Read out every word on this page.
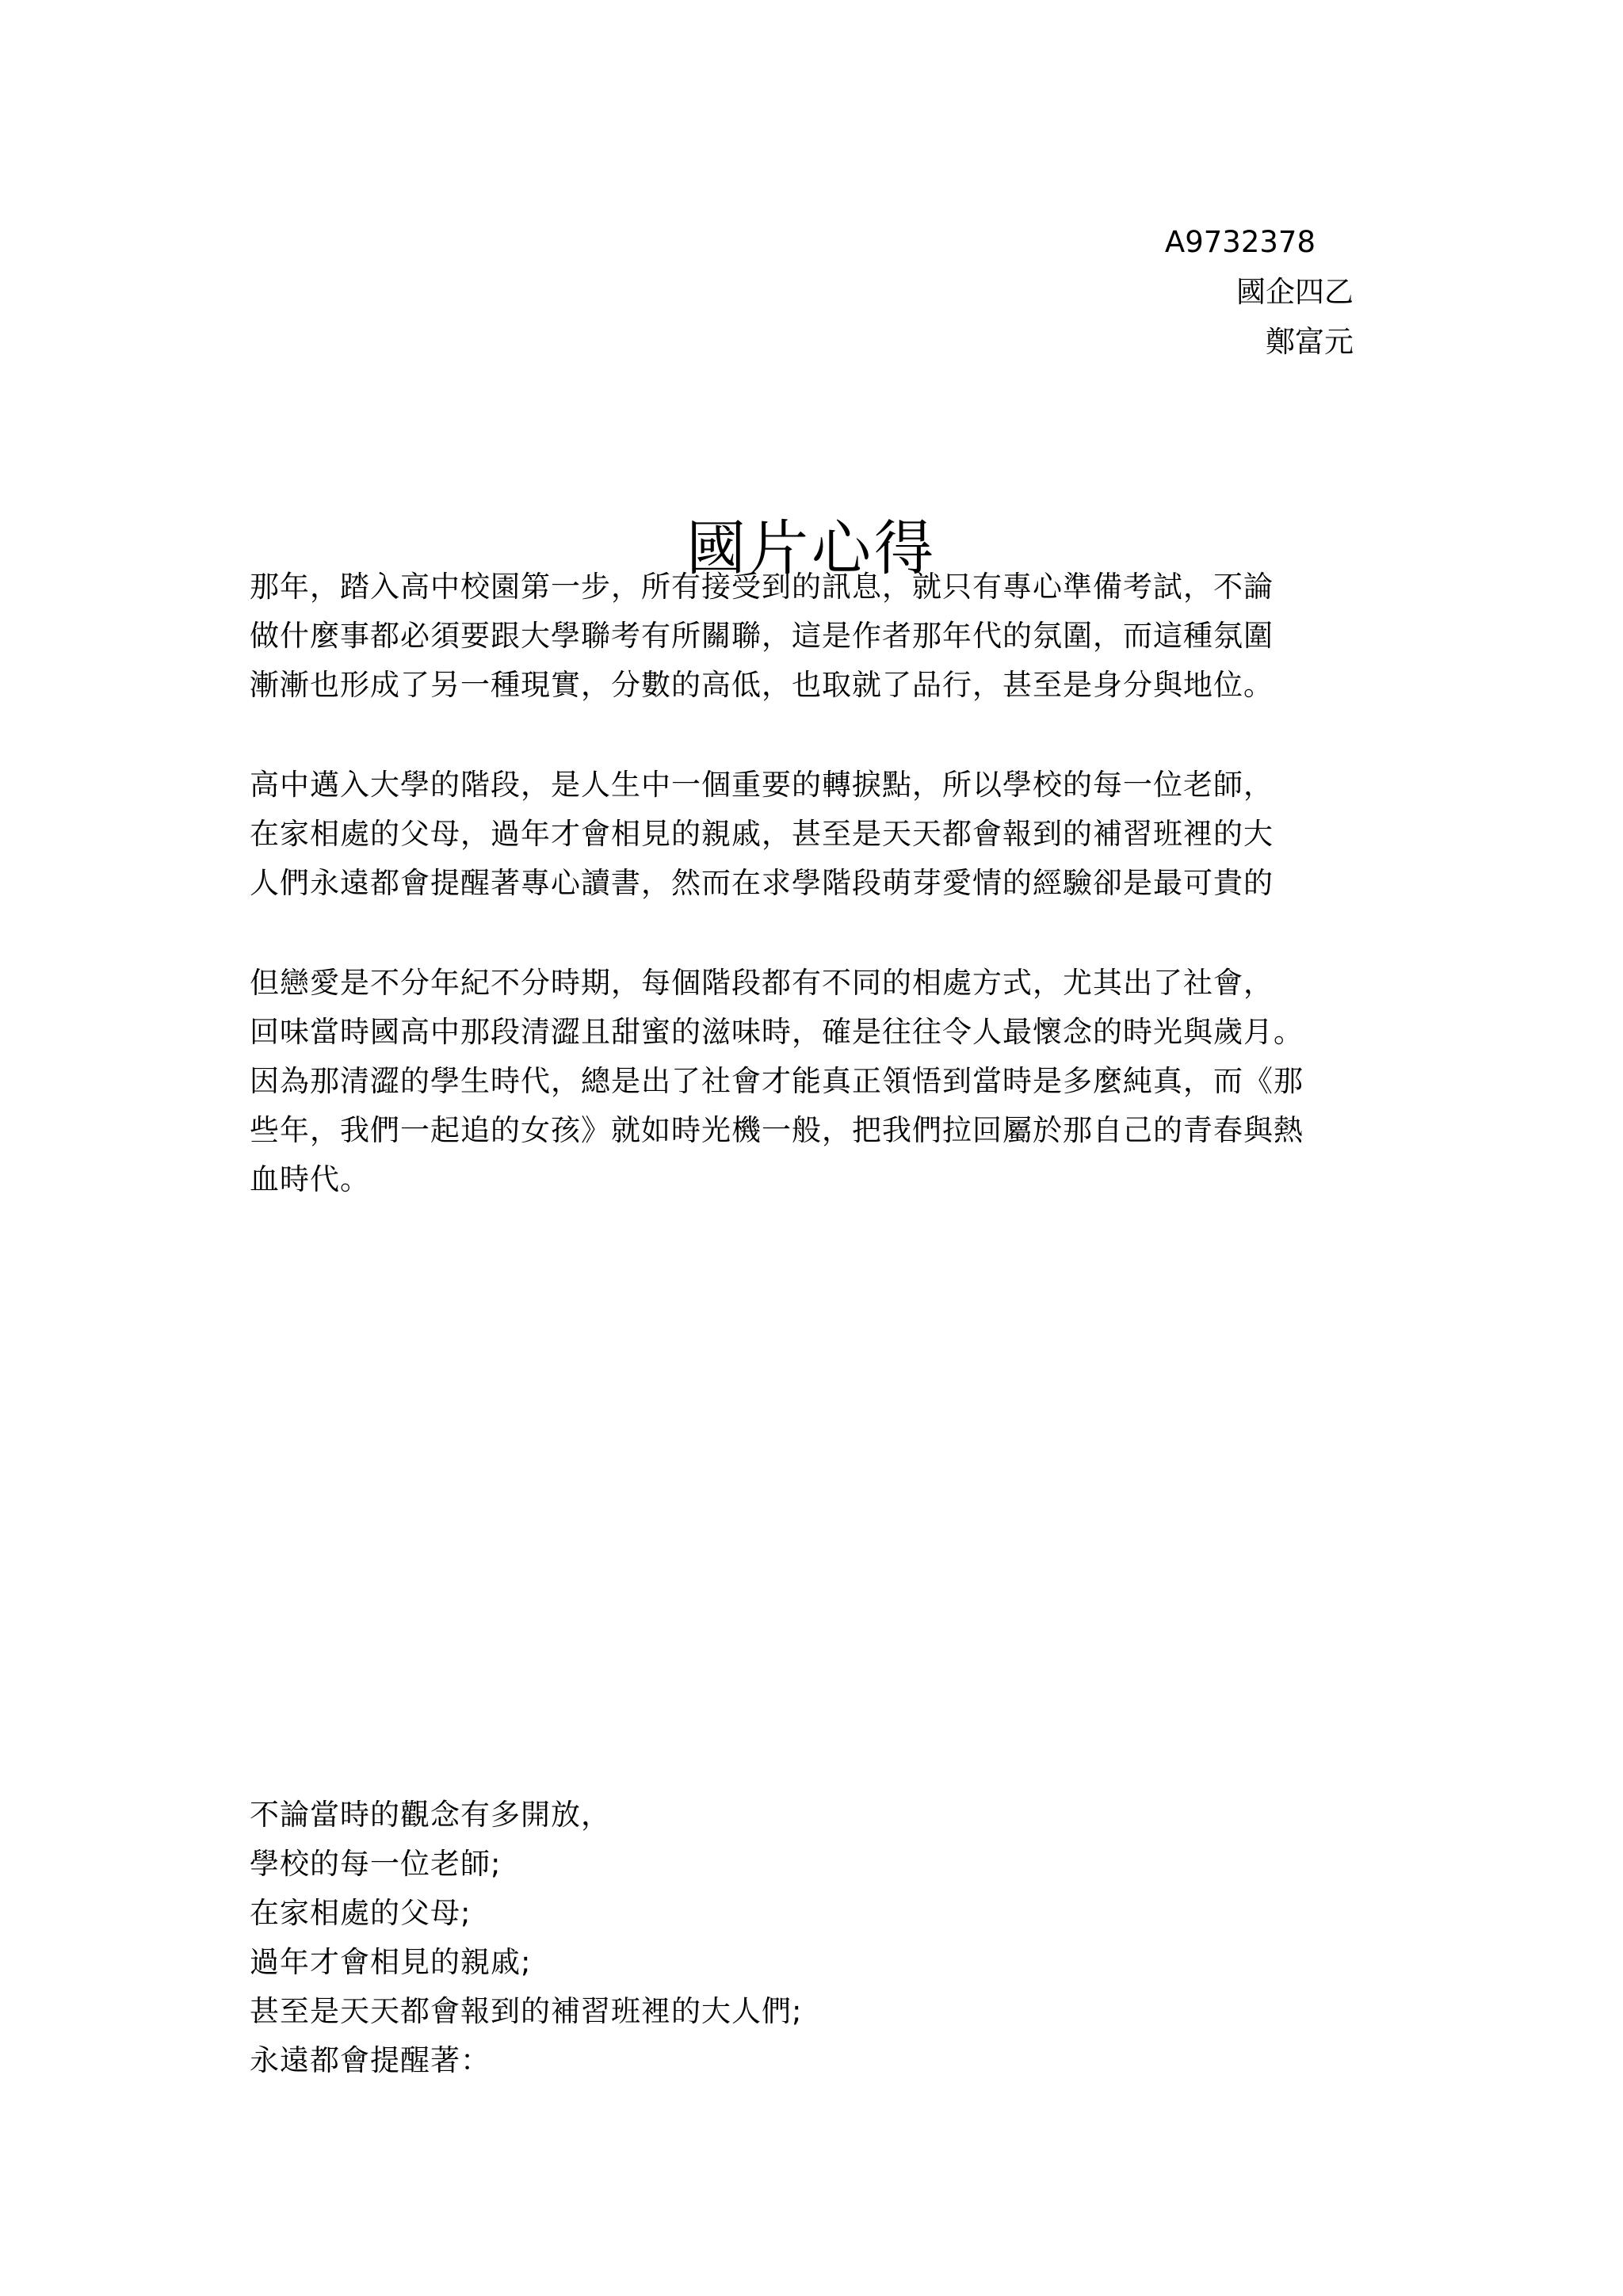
A9732378
國企四乙
鄭富元
國片心得
那年，踏入高中校園第一步，所有接受到的訊息，就只有專心準備考試，不論
做什麼事都必須要跟大學聯考有所關聯，這是作者那年代的氛圍，而這種氛圍
漸漸也形成了另一種現實，分數的高低，也取就了品行，甚至是身分與地位。
高中邁入大學的階段，是人生中一個重要的轉捩點，所以學校的每一位老師，
在家相處的父母，過年才會相見的親戚，甚至是天天都會報到的補習班裡的大
人們永遠都會提醒著專心讀書，然而在求學階段萌芽愛情的經驗卻是最可貴的
但戀愛是不分年紀不分時期，每個階段都有不同的相處方式，尤其出了社會，
回味當時國高中那段清澀且甜蜜的滋味時，確是往往令人最懷念的時光與歲月。
因為那清澀的學生時代，總是出了社會才能真正領悟到當時是多麼純真，而《那
些年，我們一起追的女孩》就如時光機一般，把我們拉回屬於那自己的青春與熱
血時代。
不論當時的觀念有多開放，
學校的每一位老師;
在家相處的父母;
過年才會相見的親戚;
甚至是天天都會報到的補習班裡的大人們;
永遠都會提醒著：
